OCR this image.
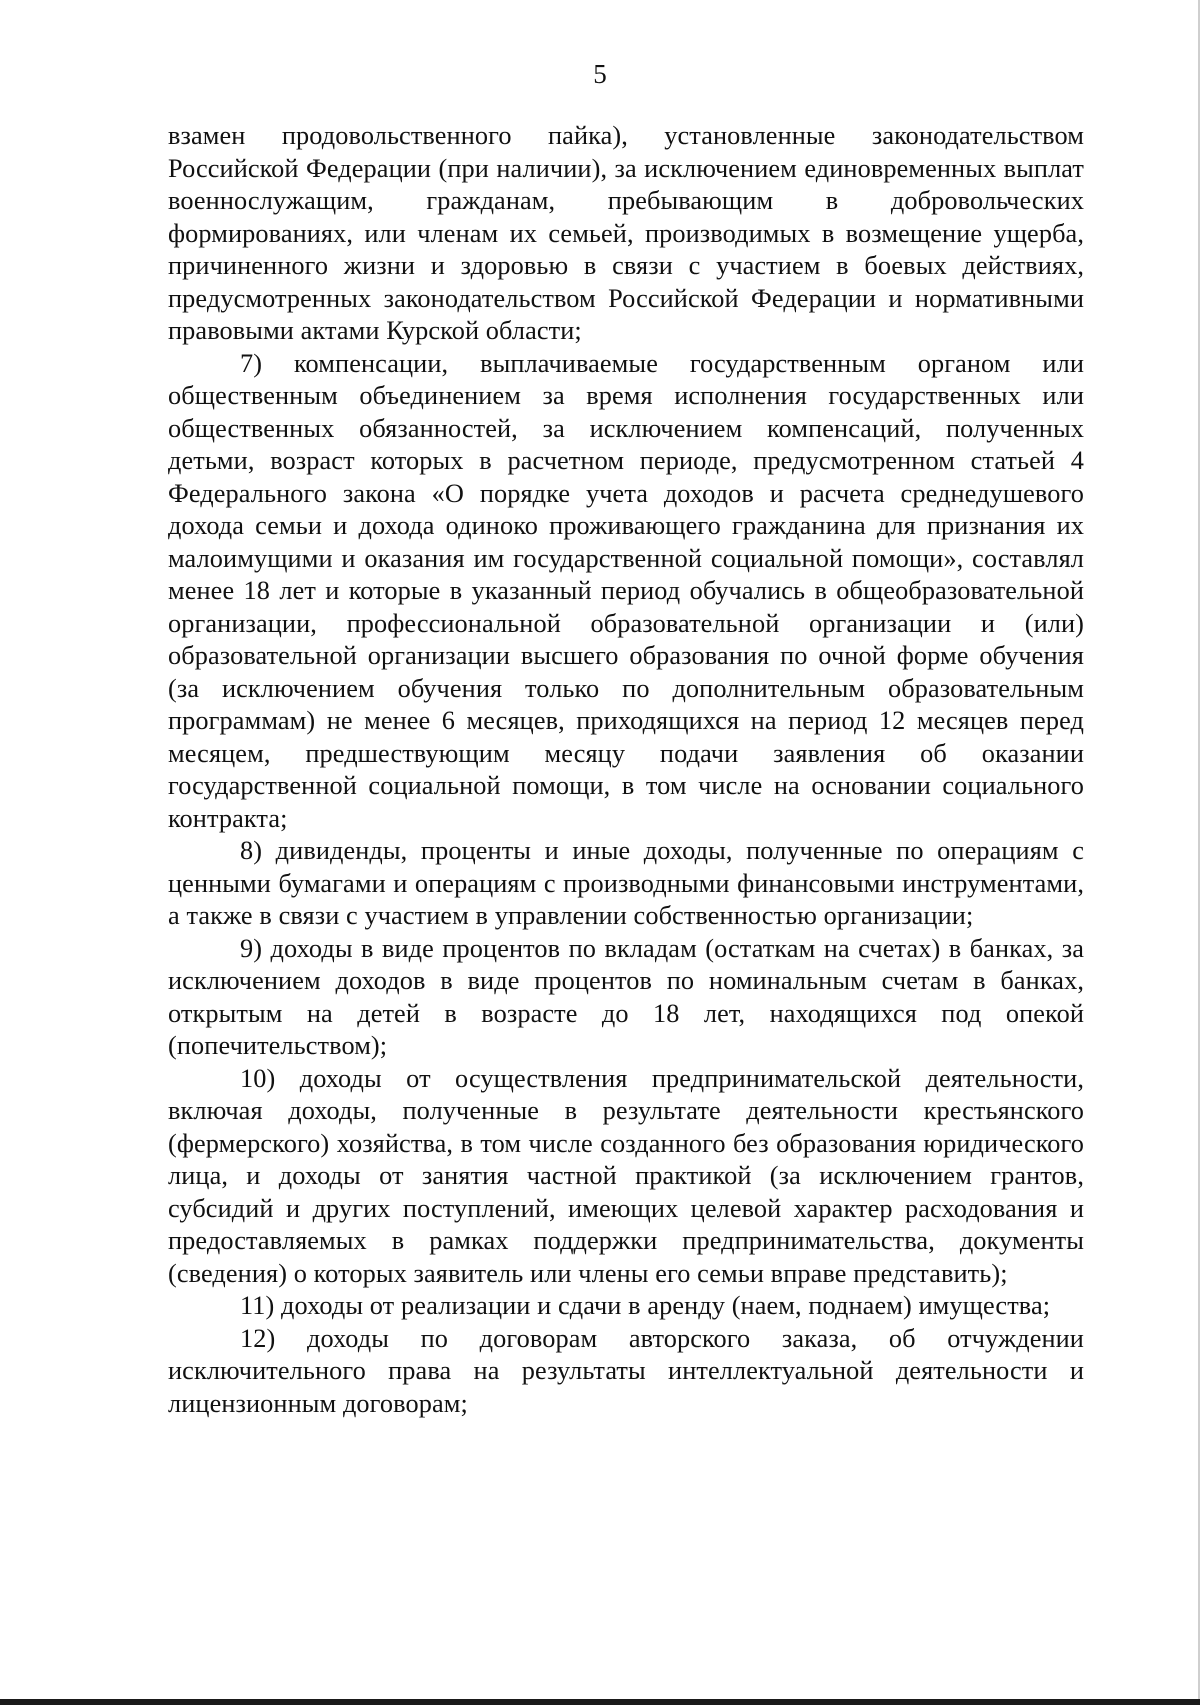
5

взамен продовольственного пайка), установленные законодательством Российской Федерации (при наличии), за исключением единовременных выплат военнослужащим, гражданам, пребывающим в добровольческих формированиях, или членам их семьей, производимых в возмещение ущерба, причиненного жизни и здоровью в связи с участием в боевых действиях, предусмотренных законодательством Российской Федерации и нормативными правовыми актами Курской области;

7) компенсации, выплачиваемые государственным органом или общественным объединением за время исполнения государственных или общественных обязанностей, за исключением компенсаций, полученных детьми, возраст которых в расчетном периоде, предусмотренном статьей 4 Федерального закона «О порядке учета доходов и расчета среднедушевого дохода семьи и дохода одиноко проживающего гражданина для признания их малоимущими и оказания им государственной социальной помощи», составлял менее 18 лет и которые в указанный период обучались в общеобразовательной организации, профессиональной образовательной организации и (или) образовательной организации высшего образования по очной форме обучения (за исключением обучения только по дополнительным образовательным программам) не менее 6 месяцев, приходящихся на период 12 месяцев перед месяцем, предшествующим месяцу подачи заявления об оказании государственной социальной помощи, в том числе на основании социального контракта;

8) дивиденды, проценты и иные доходы, полученные по операциям с ценными бумагами и операциям с производными финансовыми инструментами, а также в связи с участием в управлении собственностью организации;

9) доходы в виде процентов по вкладам (остаткам на счетах) в банках, за исключением доходов в виде процентов по номинальным счетам в банках, открытым на детей в возрасте до 18 лет, находящихся под опекой (попечительством);

10) доходы от осуществления предпринимательской деятельности, включая доходы, полученные в результате деятельности крестьянского (фермерского) хозяйства, в том числе созданного без образования юридического лица, и доходы от занятия частной практикой (за исключением грантов, субсидий и других поступлений, имеющих целевой характер расходования и предоставляемых в рамках поддержки предпринимательства, документы (сведения) о которых заявитель или члены его семьи вправе представить);

11) доходы от реализации и сдачи в аренду (наем, поднаем) имущества;

12) доходы по договорам авторского заказа, об отчуждении исключительного права на результаты интеллектуальной деятельности и лицензионным договорам;
